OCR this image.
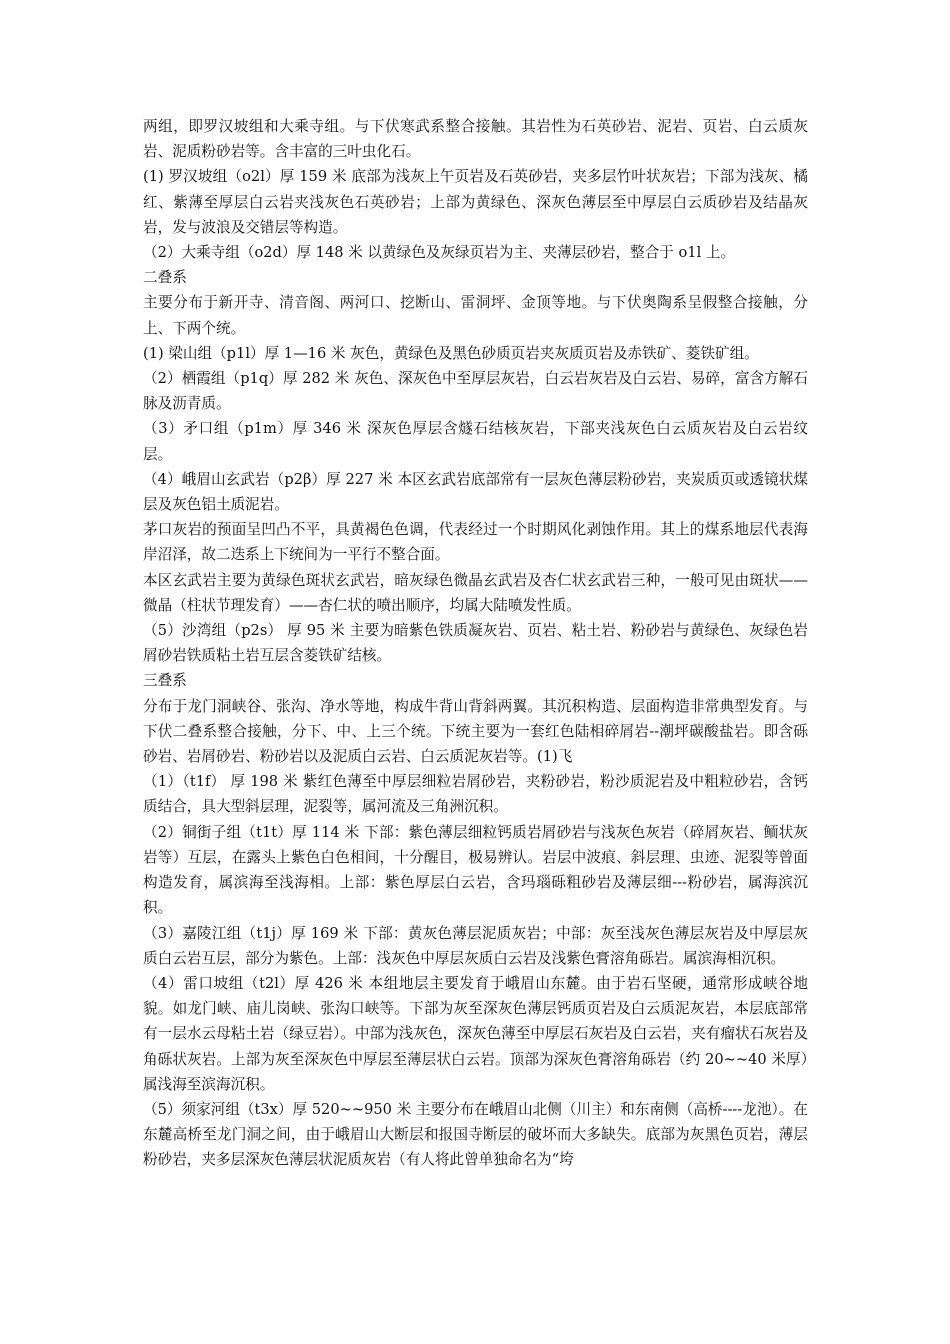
两组，即罗汉坡组和大乘寺组。与下伏寒武系整合接触。其岩性为石英砂岩、泥岩、页岩、白云质灰岩、泥质粉砂岩等。含丰富的三叶虫化石。

(1) 罗汉坡组（o2l）厚 159 米 底部为浅灰上午页岩及石英砂岩，夹多层竹叶状灰岩；下部为浅灰、橘红、紫薄至厚层白云岩夹浅灰色石英砂岩；上部为黄绿色、深灰色薄层至中厚层白云质砂岩及结晶灰岩，发与波浪及交错层等构造。

（2）大乘寺组（o2d）厚 148 米 以黄绿色及灰绿页岩为主、夹薄层砂岩，整合于 o1l 上。

二叠系

主要分布于新开寺、清音阁、两河口、挖断山、雷洞坪、金顶等地。与下伏奥陶系呈假整合接触，分上、下两个统。

(1) 梁山组（p1l）厚 1—16 米 灰色，黄绿色及黑色砂质页岩夹灰质页岩及赤铁矿、菱铁矿组。

（2）栖霞组（p1q）厚 282 米 灰色、深灰色中至厚层灰岩，白云岩灰岩及白云岩、易碎，富含方解石脉及沥青质。

（3）矛口组（p1m）厚 346 米 深灰色厚层含燧石结核灰岩，下部夹浅灰色白云质灰岩及白云岩纹层。

（4）峨眉山玄武岩（p2β）厚 227 米 本区玄武岩底部常有一层灰色薄层粉砂岩，夹炭质页或透镜状煤层及灰色铝土质泥岩。

茅口灰岩的预面呈凹凸不平，具黄褐色色调，代表经过一个时期风化剥蚀作用。其上的煤系地层代表海岸沼泽，故二迭系上下统间为一平行不整合面。

本区玄武岩主要为黄绿色斑状玄武岩，暗灰绿色微晶玄武岩及杏仁状玄武岩三种，一般可见由斑状——微晶（柱状节理发育）——杏仁状的喷出顺序，均属大陆喷发性质。

（5）沙湾组（p2s） 厚 95 米 主要为暗紫色铁质凝灰岩、页岩、粘土岩、粉砂岩与黄绿色、灰绿色岩屑砂岩铁质粘土岩互层含菱铁矿结核。

三叠系

分布于龙门洞峡谷、张沟、净水等地，构成牛背山背斜两翼。其沉积构造、层面构造非常典型发育。与下伏二叠系整合接触，分下、中、上三个统。下统主要为一套红色陆相碎屑岩--潮坪碳酸盐岩。即含砾砂岩、岩屑砂岩、粉砂岩以及泥质白云岩、白云质泥灰岩等。(1)飞

（1）（t1f） 厚 198 米 紫红色薄至中厚层细粒岩屑砂岩，夹粉砂岩，粉沙质泥岩及中粗粒砂岩，含钙质结合，具大型斜层理，泥裂等，属河流及三角洲沉积。

（2）铜街子组（t1t）厚 114 米 下部：紫色薄层细粒钙质岩屑砂岩与浅灰色灰岩（碎屑灰岩、鲕状灰岩等）互层，在露头上紫色白色相间，十分醒目，极易辨认。岩层中波痕、斜层理、虫迹、泥裂等曾面构造发育，属滨海至浅海相。上部：紫色厚层白云岩，含玛瑙砾粗砂岩及薄层细---粉砂岩，属海滨沉积。

（3）嘉陵江组（t1j）厚 169 米 下部：黄灰色薄层泥质灰岩；中部：灰至浅灰色薄层灰岩及中厚层灰质白云岩互层，部分为紫色。上部：浅灰色中厚层灰质白云岩及浅紫色膏溶角砾岩。属滨海相沉积。

（4）雷口坡组（t2l）厚 426 米 本组地层主要发育于峨眉山东麓。由于岩石坚硬，通常形成峡谷地貌。如龙门峡、庙儿岗峡、张沟口峡等。下部为灰至深灰色薄层钙质页岩及白云质泥灰岩，本层底部常有一层水云母粘土岩（绿豆岩）。中部为浅灰色，深灰色薄至中厚层石灰岩及白云岩，夹有瘤状石灰岩及角砾状灰岩。上部为灰至深灰色中厚层至薄层状白云岩。顶部为深灰色膏溶角砾岩（约 20~~40 米厚）属浅海至滨海沉积。

（5）须家河组（t3x）厚 520~~950 米 主要分布在峨眉山北侧（川主）和东南侧（高桥----龙池）。在东麓高桥至龙门洞之间，由于峨眉山大断层和报国寺断层的破坏而大多缺失。底部为灰黑色页岩，薄层粉砂岩，夹多层深灰色薄层状泥质灰岩（有人将此曾单独命名为“垮
